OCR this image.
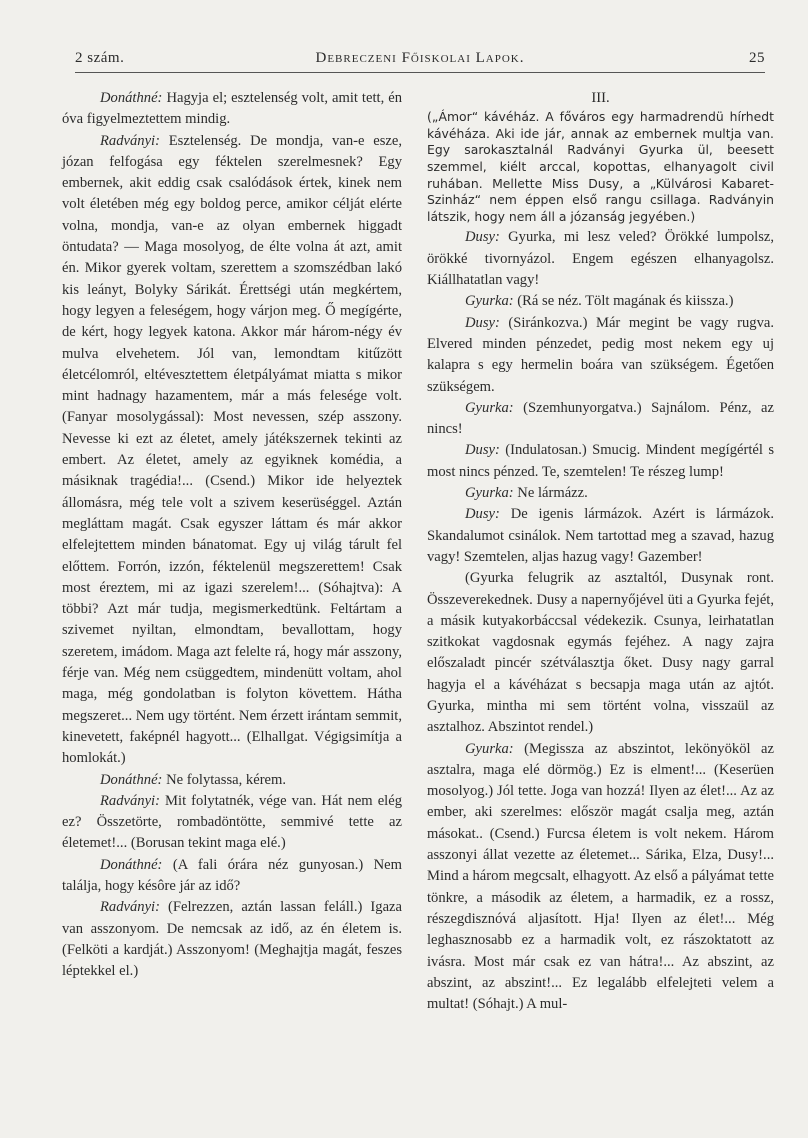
2 szám.	Debreczeni Főiskolai Lapok.	25

Donáthné: Hagyja el; esztelenség volt, amit tett, én óva figyelmeztettem mindig.

Radványi: Esztelenség. De mondja, van-e esze, józan felfogása egy féktelen szerelmesnek? Egy embernek, akit eddig csak csalódások értek, kinek nem volt életében még egy boldog perce, amikor célját elérte volna, mondja, van-e az olyan embernek higgadt öntudata? — Maga mosolyog, de élte volna át azt, amit én. Mikor gyerek voltam, szerettem a szomszédban lakó kis leányt, Bolyky Sárikát. Érettségi után megkértem, hogy legyen a feleségem, hogy várjon meg. Ő megígérte, de kért, hogy legyek katona. Akkor már három-négy év mulva elvehetem. Jól van, lemondtam kitűzött életcélomról, eltévesztettem életpályámat miatta s mikor mint hadnagy hazamentem, már a más felesége volt. (Fanyar mosolygással): Most nevessen, szép asszony. Nevesse ki ezt az életet, amely játékszernek tekinti az embert. Az életet, amely az egyiknek komédia, a másiknak tragédia!... (Csend.) Mikor ide helyeztek állomásra, még tele volt a szivem keserüséggel. Aztán megláttam magát. Csak egyszer láttam és már akkor elfelejtettem minden bánatomat. Egy uj világ tárult fel előttem. Forrón, izzón, féktelenül megszerettem! Csak most éreztem, mi az igazi szerelem!... (Sóhajtva): A többi? Azt már tudja, megismerkedtünk. Feltártam a szivemet nyiltan, elmondtam, bevallottam, hogy szeretem, imádom. Maga azt felelte rá, hogy már asszony, férje van. Még nem csüggedtem, mindenütt voltam, ahol maga, még gondolatban is folyton követtem. Hátha megszeret... Nem ugy történt. Nem érzett irántam semmit, kinevetett, faképnél hagyott... (Elhallgat. Végigsimítja a homlokát.)

Donáthné: Ne folytassa, kérem.

Radványi: Mit folytatnék, vége van. Hát nem elég ez? Összetörte, rombadöntötte, semmivé tette az életemet!... (Borusan tekint maga elé.)

Donáthné: (A fali órára néz gunyosan.) Nem találja, hogy késôre jár az idő?

Radványi: (Felrezzen, aztán lassan feláll.) Igaza van asszonyom. De nemcsak az idő, az én életem is. (Felköti a kardját.) Asszonyom! (Meghajtja magát, feszes léptekkel el.)

III.

(„Ámor“ kávéház. A főváros egy harmadrendü hírhedt kávéháza. Aki ide jár, annak az embernek multja van. Egy sarokasztalnál Radványi Gyurka ül, beesett szemmel, kiélt arccal, kopottas, elhanyagolt civil ruhában. Mellette Miss Dusy, a „Külvárosi Kabaret-Szinház“ nem éppen első rangu csillaga. Radványin látszik, hogy nem áll a józanság jegyében.)

Dusy: Gyurka, mi lesz veled? Örökké lumpolsz, örökké tivornyázol. Engem egészen elhanyagolsz. Kiállhatatlan vagy!

Gyurka: (Rá se néz. Tölt magának és kiissza.)

Dusy: (Siránkozva.) Már megint be vagy rugva. Elvered minden pénzedet, pedig most nekem egy uj kalapra s egy hermelin boára van szükségem. Égetően szükségem.

Gyurka: (Szemhunyorgatva.) Sajnálom. Pénz, az nincs!

Dusy: (Indulatosan.) Smucig. Mindent megígértél s most nincs pénzed. Te, szemtelen! Te részeg lump!

Gyurka: Ne lármázz.

Dusy: De igenis lármázok. Azért is lármázok. Skandalumot csinálok. Nem tartottad meg a szavad, hazug vagy! Szemtelen, aljas hazug vagy! Gazember!

(Gyurka felugrik az asztaltól, Dusynak ront. Összeverekednek. Dusy a napernyőjével üti a Gyurka fejét, a másik kutyakorbáccsal védekezik. Csunya, leirhatatlan szitkokat vagdosnak egymás fejéhez. A nagy zajra előszaladt pincér szétválasztja őket. Dusy nagy garral hagyja el a kávéházat s becsapja maga után az ajtót. Gyurka, mintha mi sem történt volna, visszaül az asztalhoz. Abszintot rendel.)

Gyurka: (Megissza az abszintot, lekönyököl az asztalra, maga elé dörmög.) Ez is elment!... (Keserüen mosolyog.) Jól tette. Joga van hozzá! Ilyen az élet!... Az az ember, aki szerelmes: először magát csalja meg, aztán másokat.. (Csend.) Furcsa életem is volt nekem. Három asszonyi állat vezette az életemet... Sárika, Elza, Dusy!... Mind a három megcsalt, elhagyott. Az első a pályámat tette tönkre, a második az életem, a harmadik, ez a rossz, részegdisznóvá aljasított. Hja! Ilyen az élet!... Még leghasznosabb ez a harmadik volt, ez rászoktatott az ivásra. Most már csak ez van hátra!... Az abszint, az abszint, az abszint!... Ez legalább elfelejteti velem a multat! (Sóhajt.) A mul-
